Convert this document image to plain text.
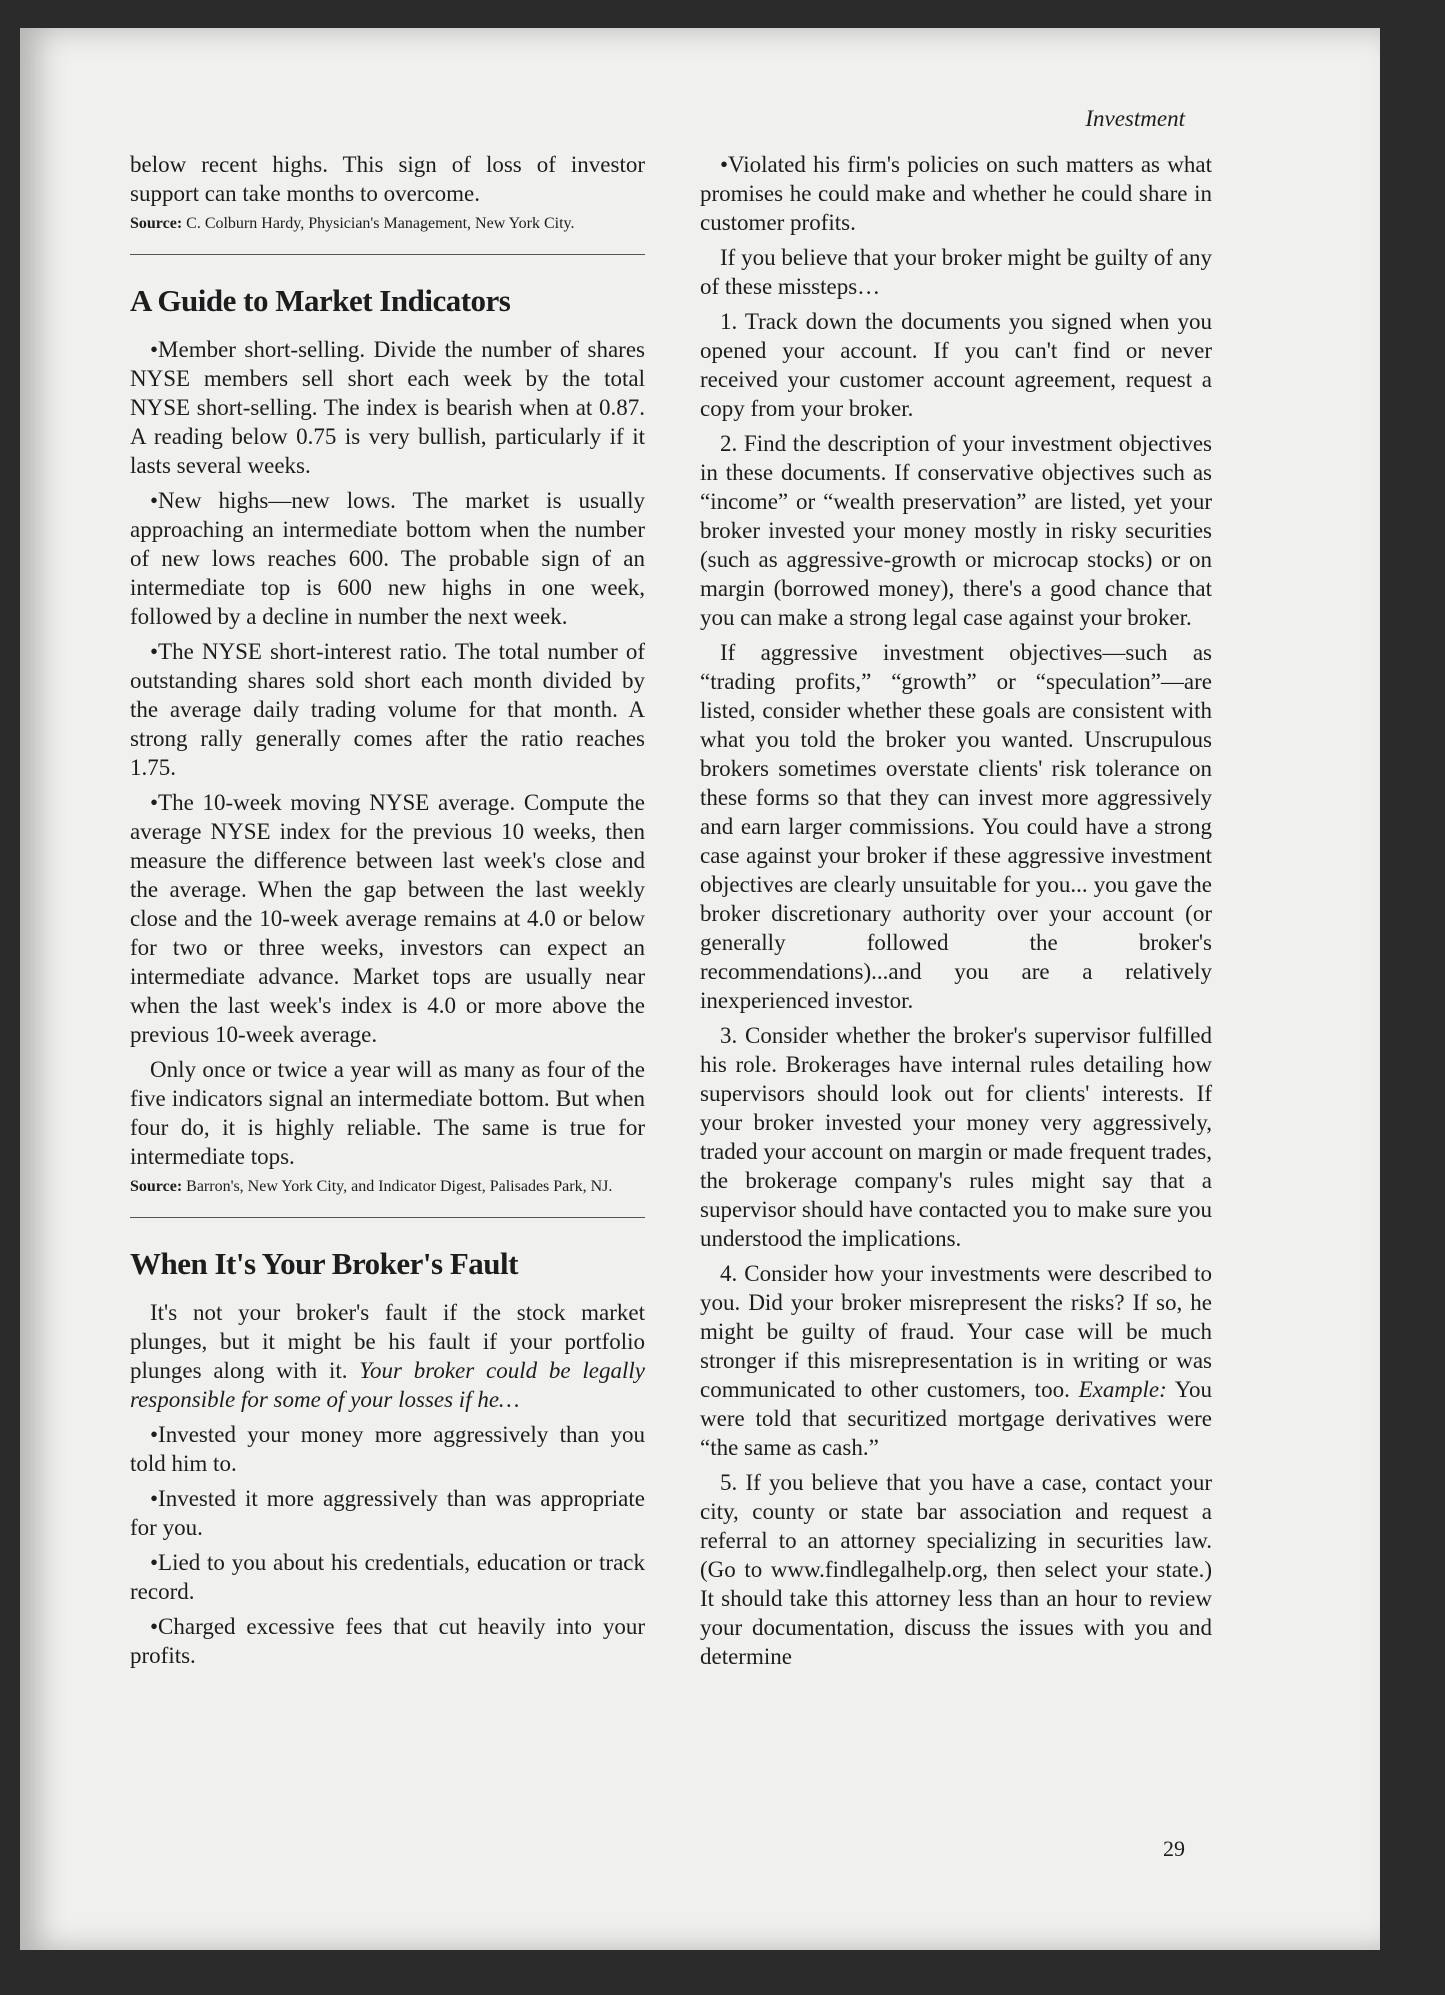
Investment

below recent highs. This sign of loss of investor support can take months to overcome.

Source: C. Colburn Hardy, Physician's Management, New York City.

A Guide to Market Indicators

•Member short-selling. Divide the number of shares NYSE members sell short each week by the total NYSE short-selling. The index is bearish when at 0.87. A reading below 0.75 is very bullish, particularly if it lasts several weeks.

•New highs—new lows. The market is usually approaching an intermediate bottom when the number of new lows reaches 600. The probable sign of an intermediate top is 600 new highs in one week, followed by a decline in number the next week.

•The NYSE short-interest ratio. The total number of outstanding shares sold short each month divided by the average daily trading volume for that month. A strong rally generally comes after the ratio reaches 1.75.

•The 10-week moving NYSE average. Compute the average NYSE index for the previous 10 weeks, then measure the difference between last week's close and the average. When the gap between the last weekly close and the 10-week average remains at 4.0 or below for two or three weeks, investors can expect an intermediate advance. Market tops are usually near when the last week's index is 4.0 or more above the previous 10-week average.

Only once or twice a year will as many as four of the five indicators signal an intermediate bottom. But when four do, it is highly reliable. The same is true for intermediate tops.

Source: Barron's, New York City, and Indicator Digest, Palisades Park, NJ.

When It's Your Broker's Fault

It's not your broker's fault if the stock market plunges, but it might be his fault if your portfolio plunges along with it. Your broker could be legally responsible for some of your losses if he…

•Invested your money more aggressively than you told him to.

•Invested it more aggressively than was appropriate for you.

•Lied to you about his credentials, education or track record.

•Charged excessive fees that cut heavily into your profits.

•Violated his firm's policies on such matters as what promises he could make and whether he could share in customer profits.

If you believe that your broker might be guilty of any of these missteps…

1. Track down the documents you signed when you opened your account. If you can't find or never received your customer account agreement, request a copy from your broker.

2. Find the description of your investment objectives in these documents. If conservative objectives such as “income” or “wealth preservation” are listed, yet your broker invested your money mostly in risky securities (such as aggressive-growth or microcap stocks) or on margin (borrowed money), there's a good chance that you can make a strong legal case against your broker.

If aggressive investment objectives—such as “trading profits,” “growth” or “speculation”—are listed, consider whether these goals are consistent with what you told the broker you wanted. Unscrupulous brokers sometimes overstate clients' risk tolerance on these forms so that they can invest more aggressively and earn larger commissions. You could have a strong case against your broker if these aggressive investment objectives are clearly unsuitable for you... you gave the broker discretionary authority over your account (or generally followed the broker's recommendations)...and you are a relatively inexperienced investor.

3. Consider whether the broker's supervisor fulfilled his role. Brokerages have internal rules detailing how supervisors should look out for clients' interests. If your broker invested your money very aggressively, traded your account on margin or made frequent trades, the brokerage company's rules might say that a supervisor should have contacted you to make sure you understood the implications.

4. Consider how your investments were described to you. Did your broker misrepresent the risks? If so, he might be guilty of fraud. Your case will be much stronger if this misrepresentation is in writing or was communicated to other customers, too. Example: You were told that securitized mortgage derivatives were “the same as cash.”

5. If you believe that you have a case, contact your city, county or state bar association and request a referral to an attorney specializing in securities law. (Go to www.findlegalhelp.org, then select your state.) It should take this attorney less than an hour to review your documentation, discuss the issues with you and determine

29
